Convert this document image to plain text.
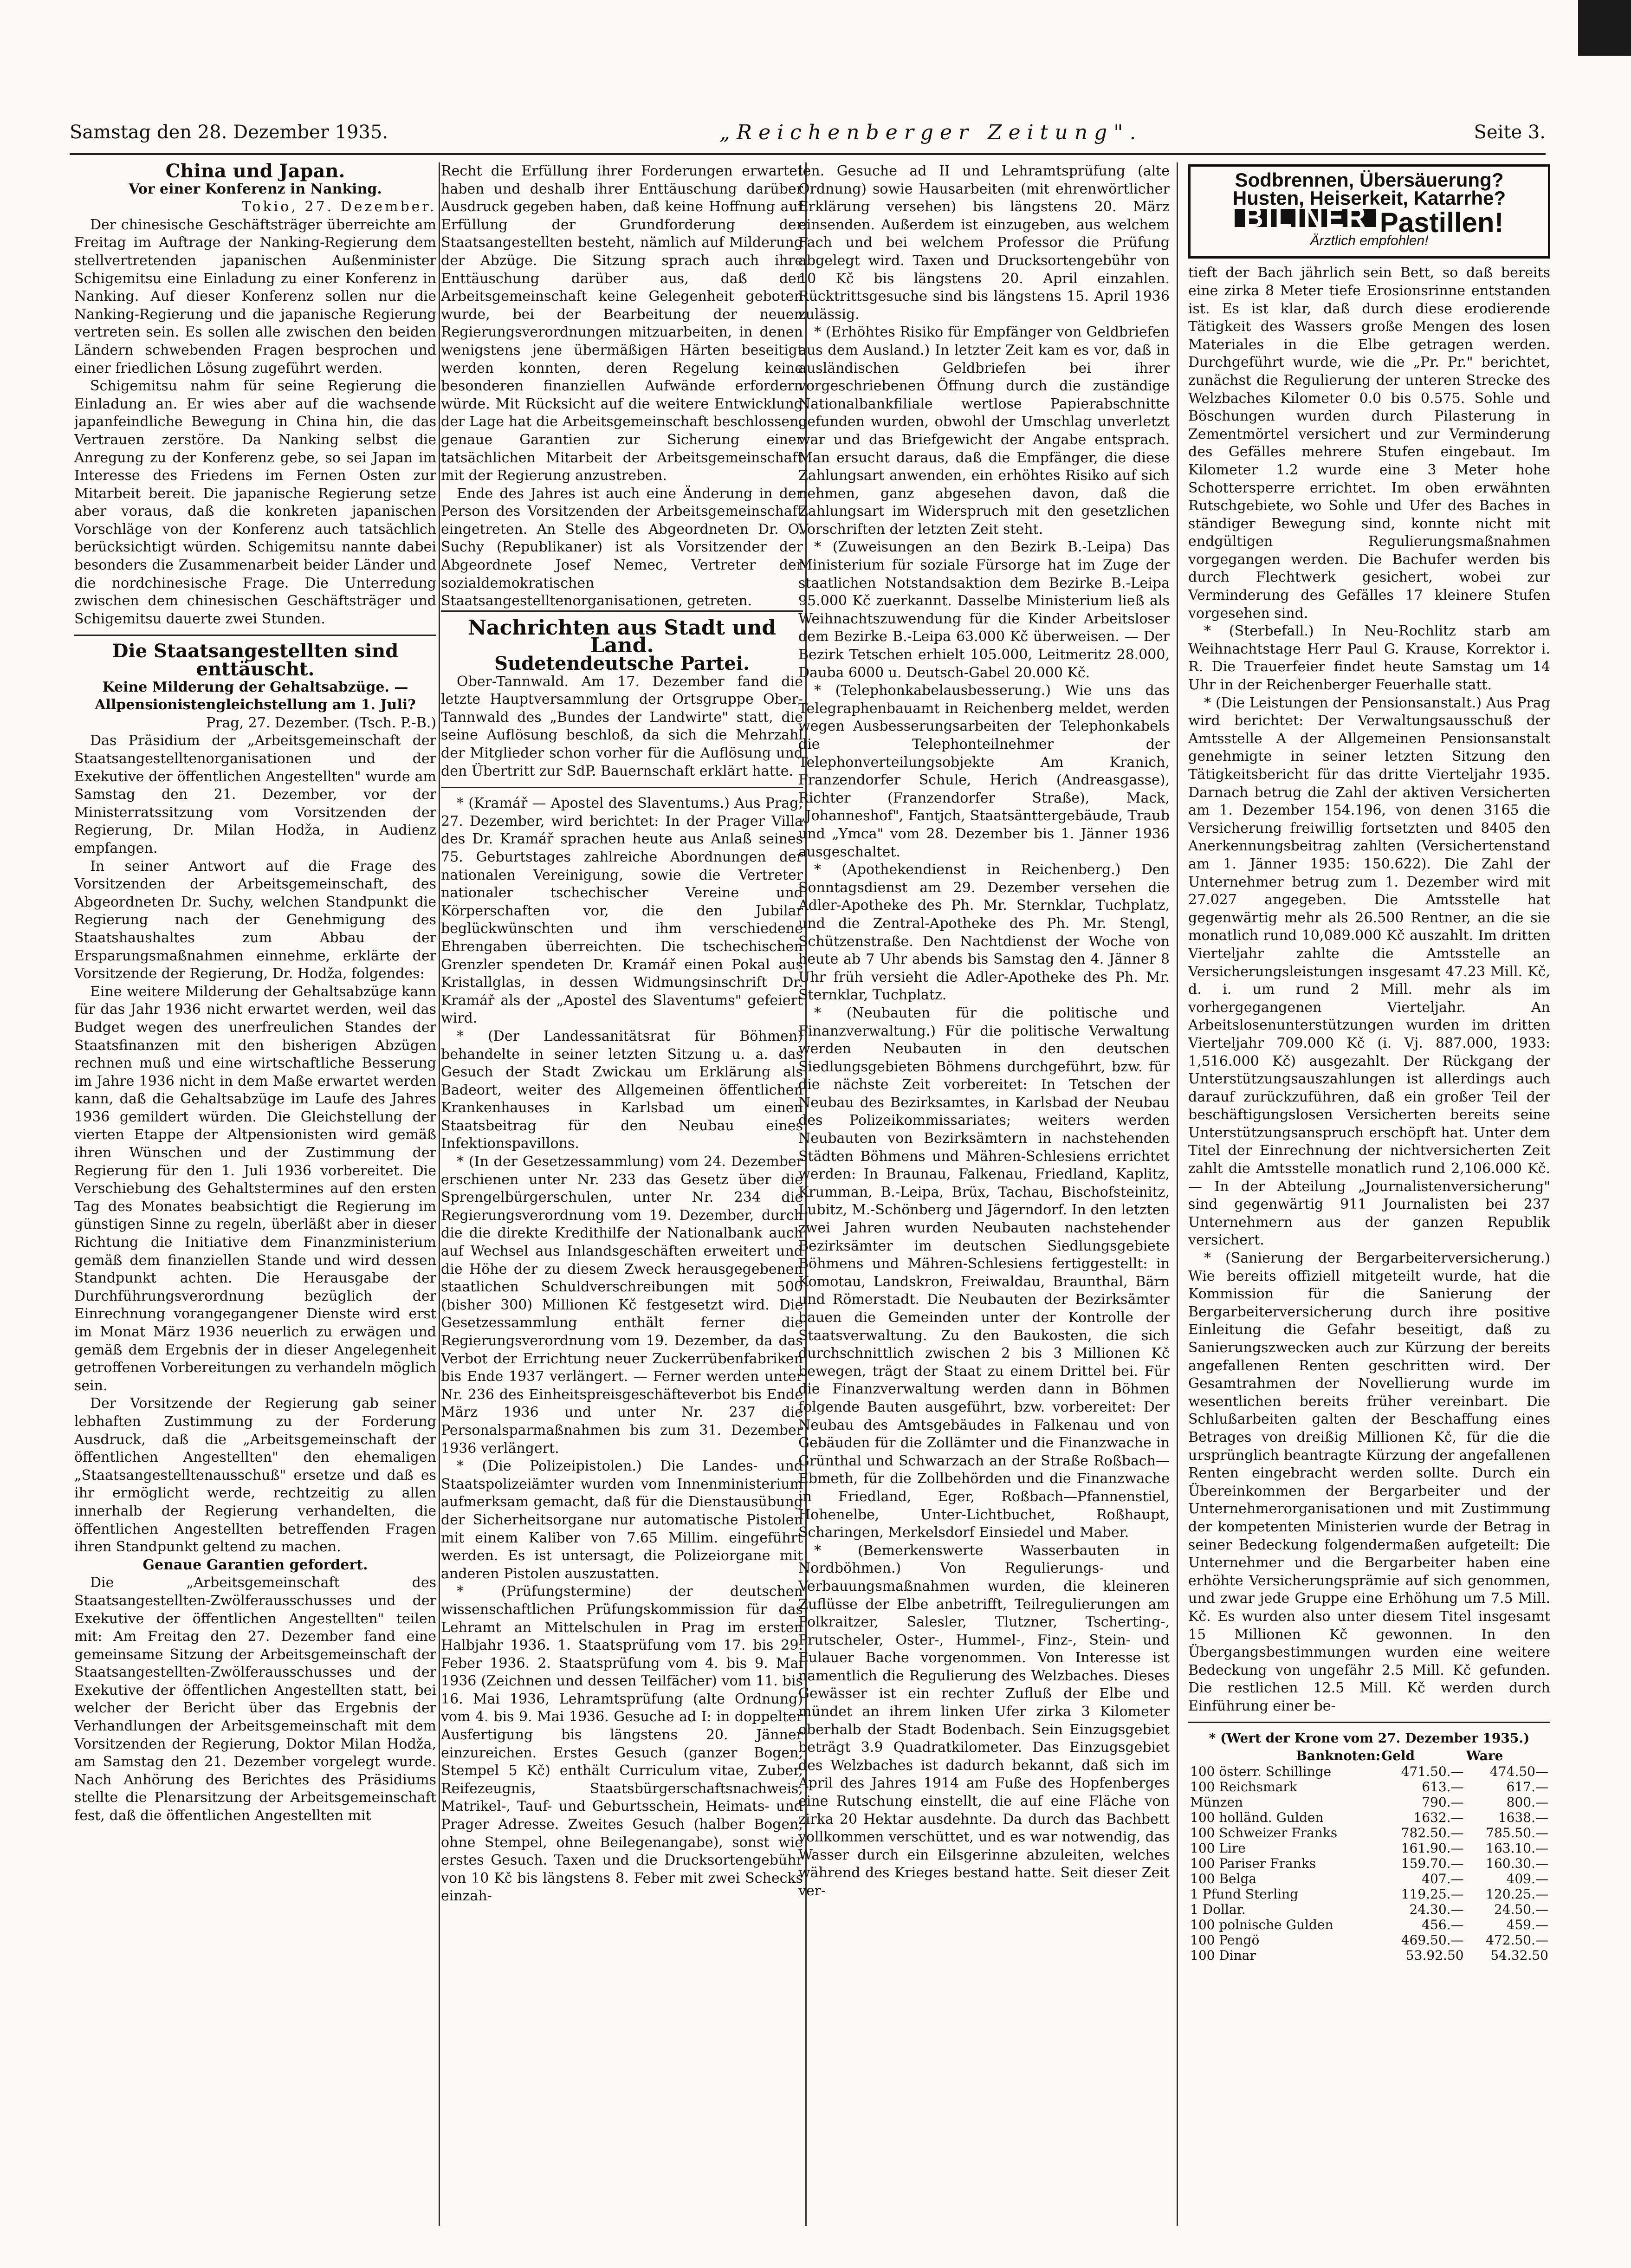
Samstag den 28. Dezember 1935.	„Reichenberger Zeitung".	Seite 3.

China und Japan.

Vor einer Konferenz in Nanking.

Tokio, 27. Dezember.

Der chinesische Geschäftsträger überreichte am Freitag im Auftrage der Nanking-Regierung dem stellvertretenden japanischen Außenminister Schigemitsu eine Einladung zu einer Konferenz in Nanking. Auf dieser Konferenz sollen nur die Nanking-Regierung und die japanische Regierung vertreten sein. Es sollen alle zwischen den beiden Ländern schwebenden Fragen besprochen und einer friedlichen Lösung zugeführt werden.

Schigemitsu nahm für seine Regierung die Einladung an. Er wies aber auf die wachsende japanfeindliche Bewegung in China hin, die das Vertrauen zerstöre. Da Nanking selbst die Anregung zu der Konferenz gebe, so sei Japan im Interesse des Friedens im Fernen Osten zur Mitarbeit bereit. Die japanische Regierung setze aber voraus, daß die konkreten japanischen Vorschläge von der Konferenz auch tatsächlich berücksichtigt würden. Schigemitsu nannte dabei besonders die Zusammenarbeit beider Länder und die nordchinesische Frage. Die Unterredung zwischen dem chinesischen Geschäftsträger und Schigemitsu dauerte zwei Stunden.

Die Staatsangestellten sind enttäuscht.

Keine Milderung der Gehaltsabzüge. — Allpensionistengleichstellung am 1. Juli?

Prag, 27. Dezember. (Tsch. P.-B.)

Das Präsidium der „Arbeitsgemeinschaft der Staatsangestelltenorganisationen und der Exekutive der öffentlichen Angestellten" wurde am Samstag den 21. Dezember, vor der Ministerratssitzung vom Vorsitzenden der Regierung, Dr. Milan Hodža, in Audienz empfangen.

In seiner Antwort auf die Frage des Vorsitzenden der Arbeitsgemeinschaft, des Abgeordneten Dr. Suchy, welchen Standpunkt die Regierung nach der Genehmigung des Staatshaushaltes zum Abbau der Ersparungsmaßnahmen einnehme, erklärte der Vorsitzende der Regierung, Dr. Hodža, folgendes:

Eine weitere Milderung der Gehaltsabzüge kann für das Jahr 1936 nicht erwartet werden, weil das Budget wegen des unerfreulichen Standes der Staatsfinanzen mit den bisherigen Abzügen rechnen muß und eine wirtschaftliche Besserung im Jahre 1936 nicht in dem Maße erwartet werden kann, daß die Gehaltsabzüge im Laufe des Jahres 1936 gemildert würden. Die Gleichstellung der vierten Etappe der Altpensionisten wird gemäß ihren Wünschen und der Zustimmung der Regierung für den 1. Juli 1936 vorbereitet. Die Verschiebung des Gehaltstermines auf den ersten Tag des Monates beabsichtigt die Regierung im günstigen Sinne zu regeln, überläßt aber in dieser Richtung die Initiative dem Finanzministerium gemäß dem finanziellen Stande und wird dessen Standpunkt achten. Die Herausgabe der Durchführungsverordnung bezüglich der Einrechnung vorangegangener Dienste wird erst im Monat März 1936 neuerlich zu erwägen und gemäß dem Ergebnis der in dieser Angelegenheit getroffenen Vorbereitungen zu verhandeln möglich sein.

Der Vorsitzende der Regierung gab seiner lebhaften Zustimmung zu der Forderung Ausdruck, daß die „Arbeitsgemeinschaft der öffentlichen Angestellten" den ehemaligen „Staatsangestelltenausschuß" ersetze und daß es ihr ermöglicht werde, rechtzeitig zu allen innerhalb der Regierung verhandelten, die öffentlichen Angestellten betreffenden Fragen ihren Standpunkt geltend zu machen.

Genaue Garantien gefordert.

Die „Arbeitsgemeinschaft des Staatsangestellten-Zwölferausschusses und der Exekutive der öffentlichen Angestellten" teilen mit: Am Freitag den 27. Dezember fand eine gemeinsame Sitzung der Arbeitsgemeinschaft der Staatsangestellten-Zwölferausschusses und der Exekutive der öffentlichen Angestellten statt, bei welcher der Bericht über das Ergebnis der Verhandlungen der Arbeitsgemeinschaft mit dem Vorsitzenden der Regierung, Doktor Milan Hodža, am Samstag den 21. Dezember vorgelegt wurde. Nach Anhörung des Berichtes des Präsidiums stellte die Plenarsitzung der Arbeitsgemeinschaft fest, daß die öffentlichen Angestellten mit

Recht die Erfüllung ihrer Forderungen erwartet haben und deshalb ihrer Enttäuschung darüber Ausdruck gegeben haben, daß keine Hoffnung auf Erfüllung der Grundforderung der Staatsangestellten besteht, nämlich auf Milderung der Abzüge. Die Sitzung sprach auch ihre Enttäuschung darüber aus, daß der Arbeitsgemeinschaft keine Gelegenheit geboten wurde, bei der Bearbeitung der neuen Regierungsverordnungen mitzuarbeiten, in denen wenigstens jene übermäßigen Härten beseitigt werden konnten, deren Regelung keine besonderen finanziellen Aufwände erfordern würde. Mit Rücksicht auf die weitere Entwicklung der Lage hat die Arbeitsgemeinschaft beschlossen, genaue Garantien zur Sicherung einer tatsächlichen Mitarbeit der Arbeitsgemeinschaft mit der Regierung anzustreben.

Ende des Jahres ist auch eine Änderung in der Person des Vorsitzenden der Arbeitsgemeinschaft eingetreten. An Stelle des Abgeordneten Dr. O. Suchy (Republikaner) ist als Vorsitzender der Abgeordnete Josef Nemec, Vertreter der sozialdemokratischen Staatsangestelltenorganisationen, getreten.

Nachrichten aus Stadt und Land.

Sudetendeutsche Partei.

Ober-Tannwald. Am 17. Dezember fand die letzte Hauptversammlung der Ortsgruppe Ober-Tannwald des „Bundes der Landwirte" statt, die seine Auflösung beschloß, da sich die Mehrzahl der Mitglieder schon vorher für die Auflösung und den Übertritt zur SdP. Bauernschaft erklärt hatte.

* (Kramář — Apostel des Slaventums.) Aus Prag, 27. Dezember, wird berichtet: In der Prager Villa des Dr. Kramář sprachen heute aus Anlaß seines 75. Geburtstages zahlreiche Abordnungen der nationalen Vereinigung, sowie die Vertreter nationaler tschechischer Vereine und Körperschaften vor, die den Jubilar beglückwünschten und ihm verschiedene Ehrengaben überreichten. Die tschechischen Grenzler spendeten Dr. Kramář einen Pokal aus Kristallglas, in dessen Widmungsinschrift Dr. Kramář als der „Apostel des Slaventums" gefeiert wird.

* (Der Landessanitätsrat für Böhmen) behandelte in seiner letzten Sitzung u. a. das Gesuch der Stadt Zwickau um Erklärung als Badeort, weiter des Allgemeinen öffentlichen Krankenhauses in Karlsbad um einen Staatsbeitrag für den Neubau eines Infektionspavillons.

* (In der Gesetzessammlung) vom 24. Dezember erschienen unter Nr. 233 das Gesetz über die Sprengelbürgerschulen, unter Nr. 234 die Regierungsverordnung vom 19. Dezember, durch die die direkte Kredithilfe der Nationalbank auch auf Wechsel aus Inlandsgeschäften erweitert und die Höhe der zu diesem Zweck herausgegebenen staatlichen Schuldverschreibungen mit 500 (bisher 300) Millionen Kč festgesetzt wird. Die Gesetzessammlung enthält ferner die Regierungsverordnung vom 19. Dezember, da das Verbot der Errichtung neuer Zuckerrübenfabriken bis Ende 1937 verlängert. — Ferner werden unter Nr. 236 des Einheitspreisgeschäfteverbot bis Ende März 1936 und unter Nr. 237 die Personalsparmaßnahmen bis zum 31. Dezember 1936 verlängert.

* (Die Polizeipistolen.) Die Landes- und Staatspolizeiämter wurden vom Innenministerium aufmerksam gemacht, daß für die Dienstausübung der Sicherheitsorgane nur automatische Pistolen mit einem Kaliber von 7.65 Millim. eingeführt werden. Es ist untersagt, die Polizeiorgane mit anderen Pistolen auszustatten.

* (Prüfungstermine) der deutschen wissenschaftlichen Prüfungskommission für das Lehramt an Mittelschulen in Prag im ersten Halbjahr 1936. 1. Staatsprüfung vom 17. bis 29. Feber 1936. 2. Staatsprüfung vom 4. bis 9. Mai 1936 (Zeichnen und dessen Teilfächer) vom 11. bis 16. Mai 1936, Lehramtsprüfung (alte Ordnung) vom 4. bis 9. Mai 1936. Gesuche ad I: in doppelter Ausfertigung bis längstens 20. Jänner einzureichen. Erstes Gesuch (ganzer Bogen, Stempel 5 Kč) enthält Curriculum vitae, Zuber, Reifezeugnis, Staatsbürgerschaftsnachweis, Matrikel-, Tauf- und Geburtsschein, Heimats- und Prager Adresse. Zweites Gesuch (halber Bogen, ohne Stempel, ohne Beilegenangabe), sonst wie erstes Gesuch. Taxen und die Drucksortengebühr von 10 Kč bis längstens 8. Feber mit zwei Schecks einzah-

len. Gesuche ad II und Lehramtsprüfung (alte Ordnung) sowie Hausarbeiten (mit ehrenwörtlicher Erklärung versehen) bis längstens 20. März einsenden. Außerdem ist einzugeben, aus welchem Fach und bei welchem Professor die Prüfung abgelegt wird. Taxen und Drucksortengebühr von 10 Kč bis längstens 20. April einzahlen. Rücktrittsgesuche sind bis längstens 15. April 1936 zulässig.

* (Erhöhtes Risiko für Empfänger von Geldbriefen aus dem Ausland.) In letzter Zeit kam es vor, daß in ausländischen Geldbriefen bei ihrer vorgeschriebenen Öffnung durch die zuständige Nationalbankfiliale wertlose Papierabschnitte gefunden wurden, obwohl der Umschlag unverletzt war und das Briefgewicht der Angabe entsprach. Man ersucht daraus, daß die Empfänger, die diese Zahlungsart anwenden, ein erhöhtes Risiko auf sich nehmen, ganz abgesehen davon, daß die Zahlungsart im Widerspruch mit den gesetzlichen Vorschriften der letzten Zeit steht.

* (Zuweisungen an den Bezirk B.-Leipa) Das Ministerium für soziale Fürsorge hat im Zuge der staatlichen Notstandsaktion dem Bezirke B.-Leipa 95.000 Kč zuerkannt. Dasselbe Ministerium ließ als Weihnachtszuwendung für die Kinder Arbeitsloser dem Bezirke B.-Leipa 63.000 Kč überweisen. — Der Bezirk Tetschen erhielt 105.000, Leitmeritz 28.000, Dauba 6000 u. Deutsch-Gabel 20.000 Kč.

* (Telephonkabelausbesserung.) Wie uns das Telegraphenbauamt in Reichenberg meldet, werden wegen Ausbesserungsarbeiten der Telephonkabels die Telephonteilnehmer der Telephonverteilungsobjekte Am Kranich, Franzendorfer Schule, Herich (Andreasgasse), Richter (Franzendorfer Straße), Mack, „Johanneshof", Fantjch, Staatsänttergebäude, Traub und „Ymca" vom 28. Dezember bis 1. Jänner 1936 ausgeschaltet.

* (Apothekendienst in Reichenberg.) Den Sonntagsdienst am 29. Dezember versehen die Adler-Apotheke des Ph. Mr. Sternklar, Tuchplatz, und die Zentral-Apotheke des Ph. Mr. Stengl, Schützenstraße. Den Nachtdienst der Woche von heute ab 7 Uhr abends bis Samstag den 4. Jänner 8 Uhr früh versieht die Adler-Apotheke des Ph. Mr. Sternklar, Tuchplatz.

* (Neubauten für die politische und Finanzverwaltung.) Für die politische Verwaltung werden Neubauten in den deutschen Siedlungsgebieten Böhmens durchgeführt, bzw. für die nächste Zeit vorbereitet: In Tetschen der Neubau des Bezirksamtes, in Karlsbad der Neubau des Polizeikommissariates; weiters werden Neubauten von Bezirksämtern in nachstehenden Städten Böhmens und Mähren-Schlesiens errichtet werden: In Braunau, Falkenau, Friedland, Kaplitz, Krumman, B.-Leipa, Brüx, Tachau, Bischofsteinitz, Lubitz, M.-Schönberg und Jägerndorf. In den letzten zwei Jahren wurden Neubauten nachstehender Bezirksämter im deutschen Siedlungsgebiete Böhmens und Mähren-Schlesiens fertiggestellt: in Komotau, Landskron, Freiwaldau, Braunthal, Bärn und Römerstadt. Die Neubauten der Bezirksämter bauen die Gemeinden unter der Kontrolle der Staatsverwaltung. Zu den Baukosten, die sich durchschnittlich zwischen 2 bis 3 Millionen Kč bewegen, trägt der Staat zu einem Drittel bei. Für die Finanzverwaltung werden dann in Böhmen folgende Bauten ausgeführt, bzw. vorbereitet: Der Neubau des Amtsgebäudes in Falkenau und von Gebäuden für die Zollämter und die Finanzwache in Grünthal und Schwarzach an der Straße Roßbach—Ebmeth, für die Zollbehörden und die Finanzwache in Friedland, Eger, Roßbach—Pfannenstiel, Hohenelbe, Unter-Lichtbuchet, Roßhaupt, Scharingen, Merkelsdorf Einsiedel und Maber.

* (Bemerkenswerte Wasserbauten in Nordböhmen.) Von Regulierungs- und Verbauungsmaßnahmen wurden, die kleineren Zuflüsse der Elbe anbetrifft, Teilregulierungen am Polkraitzer, Salesler, Tlutzner, Tscherting-, Prutscheler, Oster-, Hummel-, Finz-, Stein- und Eulauer Bache vorgenommen. Von Interesse ist namentlich die Regulierung des Welzbaches. Dieses Gewässer ist ein rechter Zufluß der Elbe und mündet an ihrem linken Ufer zirka 3 Kilometer oberhalb der Stadt Bodenbach. Sein Einzugsgebiet beträgt 3.9 Quadratkilometer. Das Einzugsgebiet des Welzbaches ist dadurch bekannt, daß sich im April des Jahres 1914 am Fuße des Hopfenberges eine Rutschung einstellt, die auf eine Fläche von zirka 20 Hektar ausdehnte. Da durch das Bachbett vollkommen verschüttet, und es war notwendig, das Wasser durch ein Eilsgerinne abzuleiten, welches während des Krieges bestand hatte. Seit dieser Zeit ver-

Sodbrennen, Übersäuerung?
Husten, Heiserkeit, Katarrhe?
BILINER Pastillen!
Ärztlich empfohlen!

tieft der Bach jährlich sein Bett, so daß bereits eine zirka 8 Meter tiefe Erosionsrinne entstanden ist. Es ist klar, daß durch diese erodierende Tätigkeit des Wassers große Mengen des losen Materiales in die Elbe getragen werden. Durchgeführt wurde, wie die „Pr. Pr." berichtet, zunächst die Regulierung der unteren Strecke des Welzbaches Kilometer 0.0 bis 0.575. Sohle und Böschungen wurden durch Pilasterung in Zementmörtel versichert und zur Verminderung des Gefälles mehrere Stufen eingebaut. Im Kilometer 1.2 wurde eine 3 Meter hohe Schottersperre errichtet. Im oben erwähnten Rutschgebiete, wo Sohle und Ufer des Baches in ständiger Bewegung sind, konnte nicht mit endgültigen Regulierungsmaßnahmen vorgegangen werden. Die Bachufer werden bis durch Flechtwerk gesichert, wobei zur Verminderung des Gefälles 17 kleinere Stufen vorgesehen sind.

* (Sterbefall.) In Neu-Rochlitz starb am Weihnachtstage Herr Paul G. Krause, Korrektor i. R. Die Trauerfeier findet heute Samstag um 14 Uhr in der Reichenberger Feuerhalle statt.

* (Die Leistungen der Pensionsanstalt.) Aus Prag wird berichtet: Der Verwaltungsausschuß der Amtsstelle A der Allgemeinen Pensionsanstalt genehmigte in seiner letzten Sitzung den Tätigkeitsbericht für das dritte Vierteljahr 1935. Darnach betrug die Zahl der aktiven Versicherten am 1. Dezember 154.196, von denen 3165 die Versicherung freiwillig fortsetzten und 8405 den Anerkennungsbeitrag zahlten (Versichertenstand am 1. Jänner 1935: 150.622). Die Zahl der Unternehmer betrug zum 1. Dezember wird mit 27.027 angegeben. Die Amtsstelle hat gegenwärtig mehr als 26.500 Rentner, an die sie monatlich rund 10,089.000 Kč auszahlt. Im dritten Vierteljahr zahlte die Amtsstelle an Versicherungsleistungen insgesamt 47.23 Mill. Kč, d. i. um rund 2 Mill. mehr als im vorhergegangenen Vierteljahr. An Arbeitslosenunterstützungen wurden im dritten Vierteljahr 709.000 Kč (i. Vj. 887.000, 1933: 1,516.000 Kč) ausgezahlt. Der Rückgang der Unterstützungsauszahlungen ist allerdings auch darauf zurückzuführen, daß ein großer Teil der beschäftigungslosen Versicherten bereits seine Unterstützungsanspruch erschöpft hat. Unter dem Titel der Einrechnung der nichtversicherten Zeit zahlt die Amtsstelle monatlich rund 2,106.000 Kč. — In der Abteilung „Journalistenversicherung" sind gegenwärtig 911 Journalisten bei 237 Unternehmern aus der ganzen Republik versichert.

* (Sanierung der Bergarbeiterversicherung.) Wie bereits offiziell mitgeteilt wurde, hat die Kommission für die Sanierung der Bergarbeiterversicherung durch ihre positive Einleitung die Gefahr beseitigt, daß zu Sanierungszwecken auch zur Kürzung der bereits angefallenen Renten geschritten wird. Der Gesamtrahmen der Novellierung wurde im wesentlichen bereits früher vereinbart. Die Schlußarbeiten galten der Beschaffung eines Betrages von dreißig Millionen Kč, für die die ursprünglich beantragte Kürzung der angefallenen Renten eingebracht werden sollte. Durch ein Übereinkommen der Bergarbeiter und der Unternehmerorganisationen und mit Zustimmung der kompetenten Ministerien wurde der Betrag in seiner Bedeckung folgendermaßen aufgeteilt: Die Unternehmer und die Bergarbeiter haben eine erhöhte Versicherungsprämie auf sich genommen, und zwar jede Gruppe eine Erhöhung um 7.5 Mill. Kč. Es wurden also unter diesem Titel insgesamt 15 Millionen Kč gewonnen. In den Übergangsbestimmungen wurden eine weitere Bedeckung von ungefähr 2.5 Mill. Kč gefunden. Die restlichen 12.5 Mill. Kč werden durch Einführung einer be-

* (Wert der Krone vom 27. Dezember 1935.)

Banknoten:	Geld	Ware
100 österr. Schillinge	471.50.—	474.50—
100 Reichsmark	613.—	617.—
Münzen	790.—	800.—
100 holländ. Gulden	1632.—	1638.—
100 Schweizer Franks	782.50.—	785.50.—
100 Lire	161.90.—	163.10.—
100 Pariser Franks	159.70.—	160.30.—
100 Belga	407.—	409.—
1 Pfund Sterling	119.25.—	120.25.—
1 Dollar.	24.30.—	24.50.—
100 polnische Gulden	456.—	459.—
100 Pengö	469.50.—	472.50.—
100 Dinar	53.92.50	54.32.50
